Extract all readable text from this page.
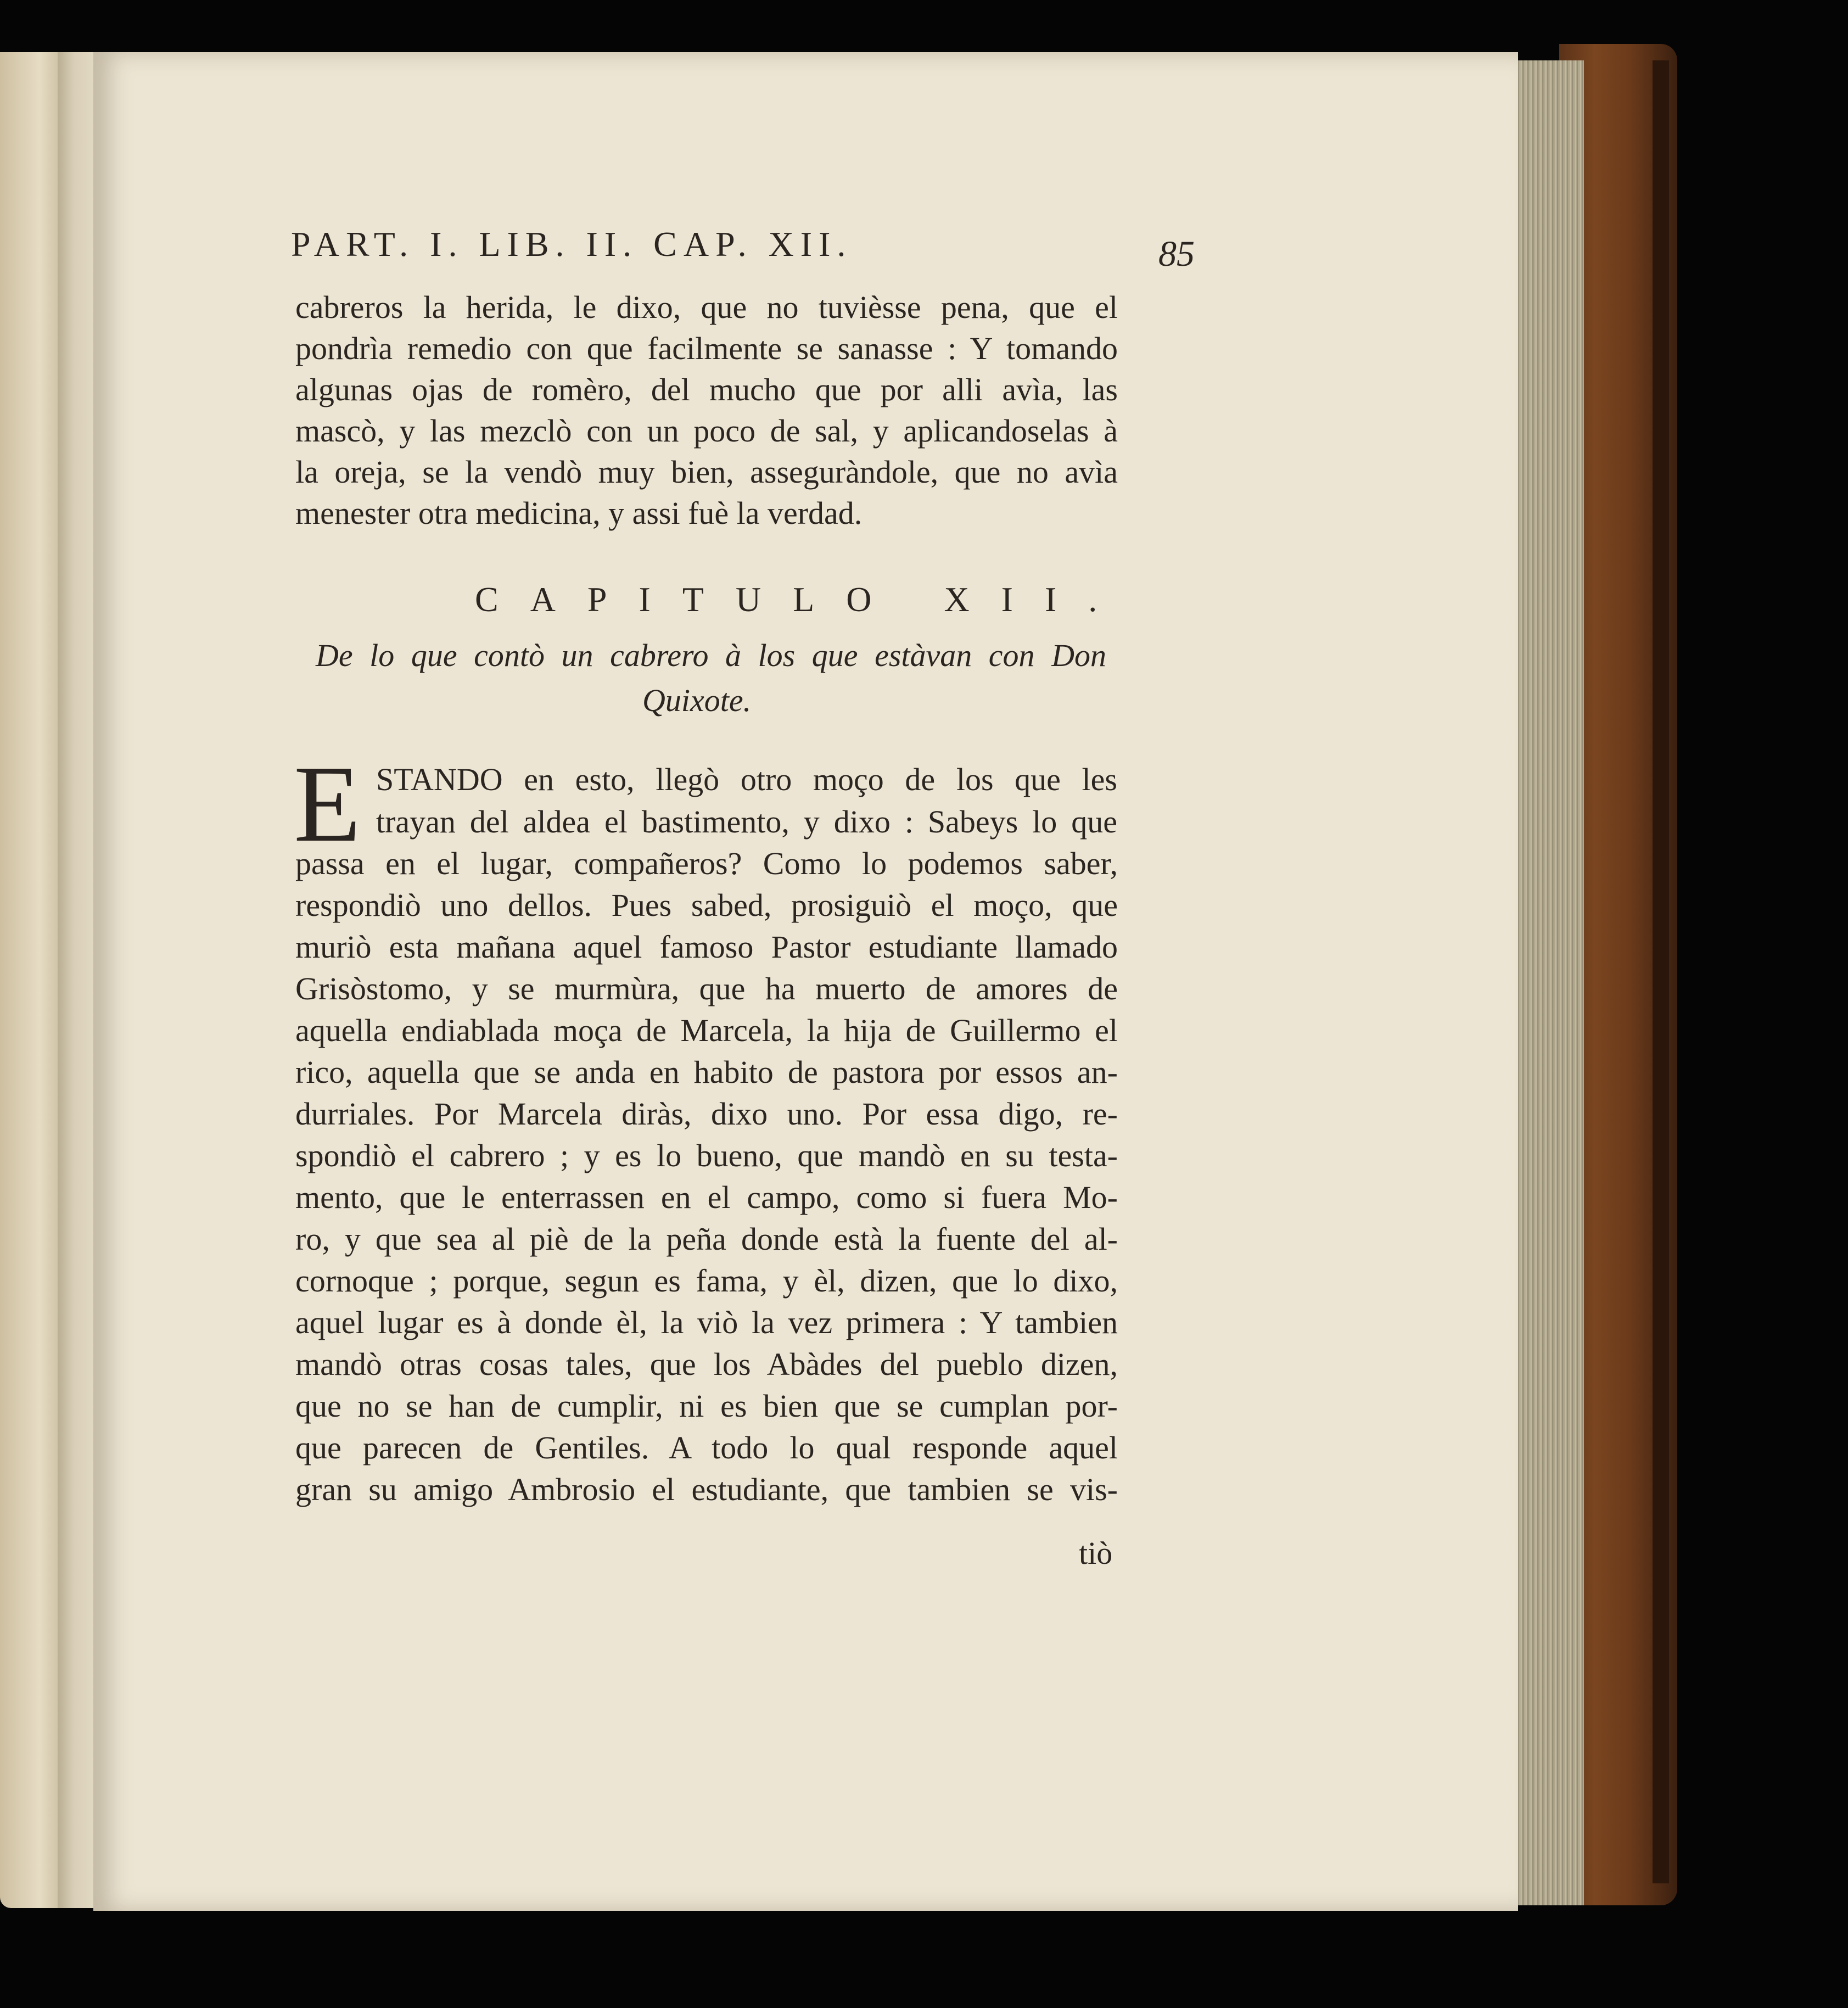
PART. I. LIB. II. CAP. XII.	85
cabreros la herida, le dixo, que no tuvièsse pena, que el
pondrìa remedio con que facilmente se sanasse : Y tomando
algunas ojas de romèro, del mucho que por alli avìa, las
mascò, y las mezclò con un poco de sal, y aplicandoselas à
la oreja, se la vendò muy bien, asseguràndole, que no avìa
menester otra medicina, y assi fuè la verdad.
CAPITULO XII.
De lo que contò un cabrero à los que estàvan con Don
Quixote.
E STANDO en esto, llegò otro moço de los que les
trayan del aldea el bastimento, y dixo : Sabeys lo que
passa en el lugar, compañeros? Como lo podemos saber,
respondiò uno dellos. Pues sabed, prosiguiò el moço, que
muriò esta mañana aquel famoso Pastor estudiante llamado
Grisòstomo, y se murmùra, que ha muerto de amores de
aquella endiablada moça de Marcela, la hija de Guillermo el
rico, aquella que se anda en habito de pastora por essos an-
durriales. Por Marcela diràs, dixo uno. Por essa digo, re-
spondiò el cabrero ; y es lo bueno, que mandò en su testa-
mento, que le enterrassen en el campo, como si fuera Mo-
ro, y que sea al piè de la peña donde està la fuente del al-
cornoque ; porque, segun es fama, y èl, dizen, que lo dixo,
aquel lugar es à donde èl, la viò la vez primera : Y tambien
mandò otras cosas tales, que los Abàdes del pueblo dizen,
que no se han de cumplir, ni es bien que se cumplan por-
que parecen de Gentiles. A todo lo qual responde aquel
gran su amigo Ambrosio el estudiante, que tambien se vis-
tiò
